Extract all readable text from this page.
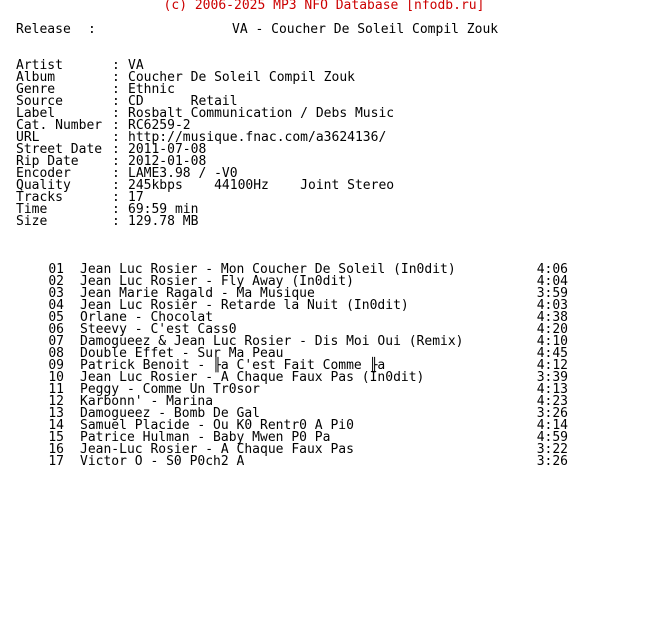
(c) 2006-2025 MP3 NFO Database [nfodb.ru]
Release :	VA - Coucher De Soleil Compil Zouk
Artist	: VA
Album	: Coucher De Soleil Compil Zouk
Genre	: Ethnic
Source	: CD      Retail
Label	: Rosbalt Communication / Debs Music
Cat. Number : RC6259-2
URL	: http://musique.fnac.com/a3624136/
Street Date : 2011-07-08
Rip Date	: 2012-01-08
Encoder	: LAME3.98 / -V0
Quality	: 245kbps    44100Hz    Joint Stereo
Tracks	: 17
Time	: 69:59 min
Size	: 129.78 MB
01 Jean Luc Rosier - Mon Coucher De Soleil (In0dit)	4:06
02 Jean Luc Rosier - Fly Away (In0dit)	4:04
03 Jean Marie Ragald - Ma Musique	3:59
04 Jean Luc Rosier - Retarde la Nuit (In0dit)	4:03
05 Orlane - Chocolat	4:38
06 Steevy - C'est Cass0	4:20
07 Damogueez & Jean Luc Rosier - Dis Moi Oui (Remix)	4:10
08 Double Effet - Sur Ma Peau	4:45
09 Patrick Benoit - ╟a C'est Fait Comme ╟a	4:12
10 Jean Luc Rosier - A Chaque Faux Pas (In0dit)	3:39
11 Peggy - Comme Un Tr0sor	4:13
12 Karbonn' - Marina	4:23
13 Damogueez - Bomb De Gal	3:26
14 Samuel Placide - Ou K0 Rentr0 A Pi0	4:14
15 Patrice Hulman - Baby Mwen P0 Pa	4:59
16 Jean-Luc Rosier - A Chaque Faux Pas	3:22
17 Victor O - S0 P0ch2 A	3:26
